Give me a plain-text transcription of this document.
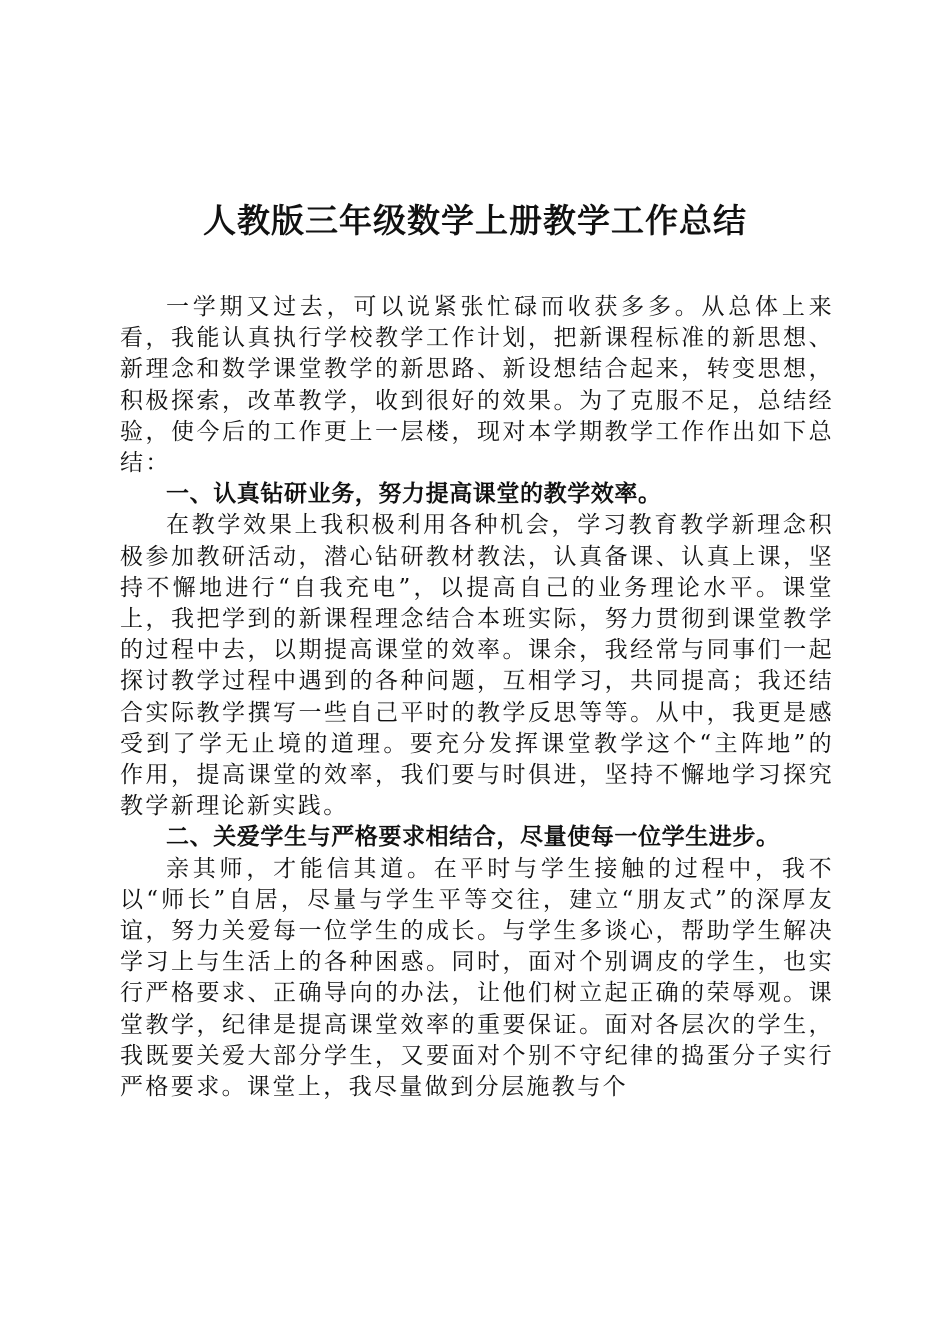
人教版三年级数学上册教学工作总结

一学期又过去，可以说紧张忙碌而收获多多。从总体上来看，我能认真执行学校教学工作计划，把新课程标准的新思想、新理念和数学课堂教学的新思路、新设想结合起来，转变思想，积极探索，改革教学，收到很好的效果。为了克服不足，总结经验，使今后的工作更上一层楼，现对本学期教学工作作出如下总结：

一、认真钻研业务，努力提高课堂的教学效率。

在教学效果上我积极利用各种机会，学习教育教学新理念积极参加教研活动，潜心钻研教材教法，认真备课、认真上课，坚持不懈地进行“自我充电”，以提高自己的业务理论水平。课堂上，我把学到的新课程理念结合本班实际，努力贯彻到课堂教学的过程中去，以期提高课堂的效率。课余，我经常与同事们一起探讨教学过程中遇到的各种问题，互相学习，共同提高；我还结合实际教学撰写一些自己平时的教学反思等等。从中，我更是感受到了学无止境的道理。要充分发挥课堂教学这个“主阵地”的作用，提高课堂的效率，我们要与时俱进，坚持不懈地学习探究教学新理论新实践。

二、关爱学生与严格要求相结合，尽量使每一位学生进步。

亲其师，才能信其道。在平时与学生接触的过程中，我不以“师长”自居，尽量与学生平等交往，建立“朋友式”的深厚友谊，努力关爱每一位学生的成长。与学生多谈心，帮助学生解决学习上与生活上的各种困惑。同时，面对个别调皮的学生，也实行严格要求、正确导向的办法，让他们树立起正确的荣辱观。课堂教学，纪律是提高课堂效率的重要保证。面对各层次的学生，我既要关爱大部分学生，又要面对个别不守纪律的捣蛋分子实行严格要求。课堂上，我尽量做到分层施教与个
